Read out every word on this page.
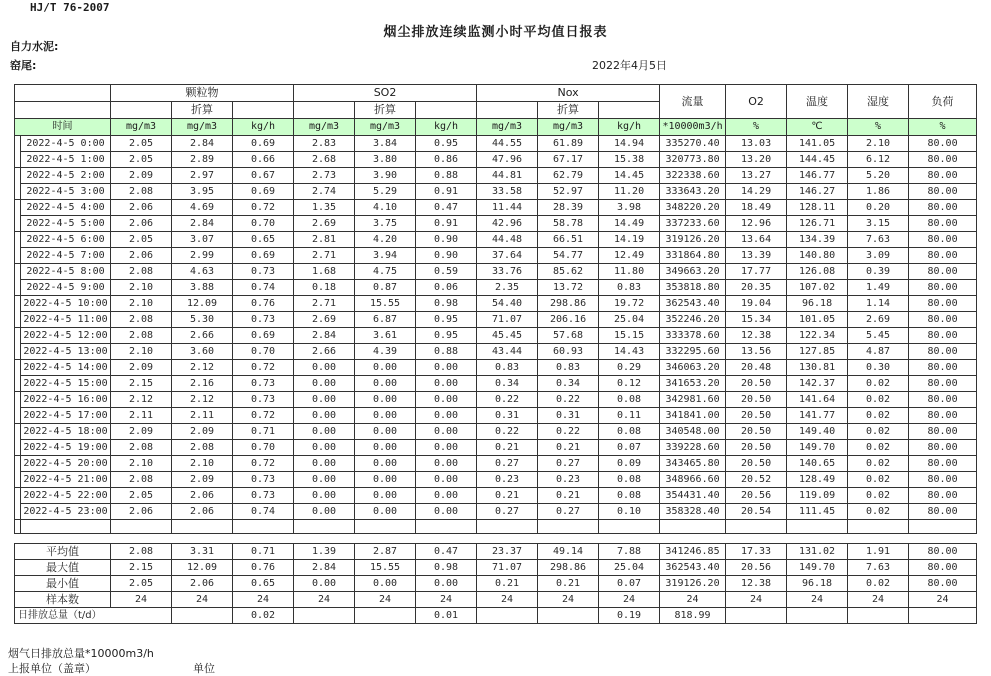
HJ/T 76-2007
烟尘排放连续监测小时平均值日报表
自力水泥:
窑尾:	2022年4月5日
		颗粒物			SO2			Nox			流量	O2	温度	湿度	负荷
			折算			折算			折算						
时间		mg/m3	mg/m3	kg/h	mg/m3	mg/m3	kg/h	mg/m3	mg/m3	kg/h	*10000m3/h	%	℃	%	%
	2022-4-5 0:00	2.05	2.84	0.69	2.83	3.84	0.95	44.55	61.89	14.94	335270.40	13.03	141.05	2.10	80.00
	2022-4-5 1:00	2.05	2.89	0.66	2.68	3.80	0.86	47.96	67.17	15.38	320773.80	13.20	144.45	6.12	80.00
	2022-4-5 2:00	2.09	2.97	0.67	2.73	3.90	0.88	44.81	62.79	14.45	322338.60	13.27	146.77	5.20	80.00
	2022-4-5 3:00	2.08	3.95	0.69	2.74	5.29	0.91	33.58	52.97	11.20	333643.20	14.29	146.27	1.86	80.00
	2022-4-5 4:00	2.06	4.69	0.72	1.35	4.10	0.47	11.44	28.39	3.98	348220.20	18.49	128.11	0.20	80.00
	2022-4-5 5:00	2.06	2.84	0.70	2.69	3.75	0.91	42.96	58.78	14.49	337233.60	12.96	126.71	3.15	80.00
	2022-4-5 6:00	2.05	3.07	0.65	2.81	4.20	0.90	44.48	66.51	14.19	319126.20	13.64	134.39	7.63	80.00
	2022-4-5 7:00	2.06	2.99	0.69	2.71	3.94	0.90	37.64	54.77	12.49	331864.80	13.39	140.80	3.09	80.00
	2022-4-5 8:00	2.08	4.63	0.73	1.68	4.75	0.59	33.76	85.62	11.80	349663.20	17.77	126.08	0.39	80.00
	2022-4-5 9:00	2.10	3.88	0.74	0.18	0.87	0.06	2.35	13.72	0.83	353818.80	20.35	107.02	1.49	80.00
	2022-4-5 10:00	2.10	12.09	0.76	2.71	15.55	0.98	54.40	298.86	19.72	362543.40	19.04	96.18	1.14	80.00
	2022-4-5 11:00	2.08	5.30	0.73	2.69	6.87	0.95	71.07	206.16	25.04	352246.20	15.34	101.05	2.69	80.00
	2022-4-5 12:00	2.08	2.66	0.69	2.84	3.61	0.95	45.45	57.68	15.15	333378.60	12.38	122.34	5.45	80.00
	2022-4-5 13:00	2.10	3.60	0.70	2.66	4.39	0.88	43.44	60.93	14.43	332295.60	13.56	127.85	4.87	80.00
	2022-4-5 14:00	2.09	2.12	0.72	0.00	0.00	0.00	0.83	0.83	0.29	346063.20	20.48	130.81	0.30	80.00
	2022-4-5 15:00	2.15	2.16	0.73	0.00	0.00	0.00	0.34	0.34	0.12	341653.20	20.50	142.37	0.02	80.00
	2022-4-5 16:00	2.12	2.12	0.73	0.00	0.00	0.00	0.22	0.22	0.08	342981.60	20.50	141.64	0.02	80.00
	2022-4-5 17:00	2.11	2.11	0.72	0.00	0.00	0.00	0.31	0.31	0.11	341841.00	20.50	141.77	0.02	80.00
	2022-4-5 18:00	2.09	2.09	0.71	0.00	0.00	0.00	0.22	0.22	0.08	340548.00	20.50	149.40	0.02	80.00
	2022-4-5 19:00	2.08	2.08	0.70	0.00	0.00	0.00	0.21	0.21	0.07	339228.60	20.50	149.70	0.02	80.00
	2022-4-5 20:00	2.10	2.10	0.72	0.00	0.00	0.00	0.27	0.27	0.09	343465.80	20.50	140.65	0.02	80.00
	2022-4-5 21:00	2.08	2.09	0.73	0.00	0.00	0.00	0.23	0.23	0.08	348966.60	20.52	128.49	0.02	80.00
	2022-4-5 22:00	2.05	2.06	0.73	0.00	0.00	0.00	0.21	0.21	0.08	354431.40	20.56	119.09	0.02	80.00
	2022-4-5 23:00	2.06	2.06	0.74	0.00	0.00	0.00	0.27	0.27	0.10	358328.40	20.54	111.45	0.02	80.00

平均值	2.08	3.31	0.71	1.39	2.87	0.47	23.37	49.14	7.88	341246.85	17.33	131.02	1.91	80.00
最大值	2.15	12.09	0.76	2.84	15.55	0.98	71.07	298.86	25.04	362543.40	20.56	149.70	7.63	80.00
最小值	2.05	2.06	0.65	0.00	0.00	0.00	0.21	0.21	0.07	319126.20	12.38	96.18	0.02	80.00
样本数	24	24	24	24	24	24	24	24	24	24	24	24	24	24
日排放总量（t/d）			0.02			0.01			0.19	818.99				
烟气日排放总量*10000m3/h
上报单位（盖章）	单位
